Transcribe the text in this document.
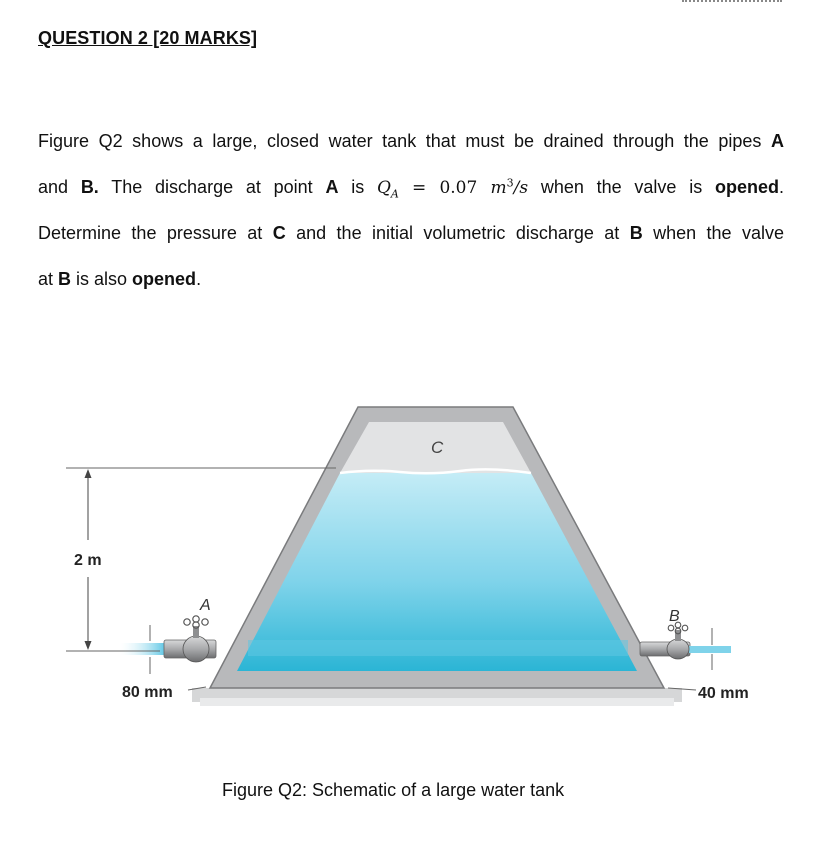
QUESTION 2 [20 MARKS]
Figure Q2 shows a large, closed water tank that must be drained through the pipes A
and B. The discharge at point A is $Q_A = 0.07$ $m^3/s$ when the valve is opened.
Determine the pressure at C and the initial volumetric discharge at B when the valve
at B is also opened.
A
B
C
2 m
80 mm	40 mm
Figure Q2: Schematic of a large water tank
